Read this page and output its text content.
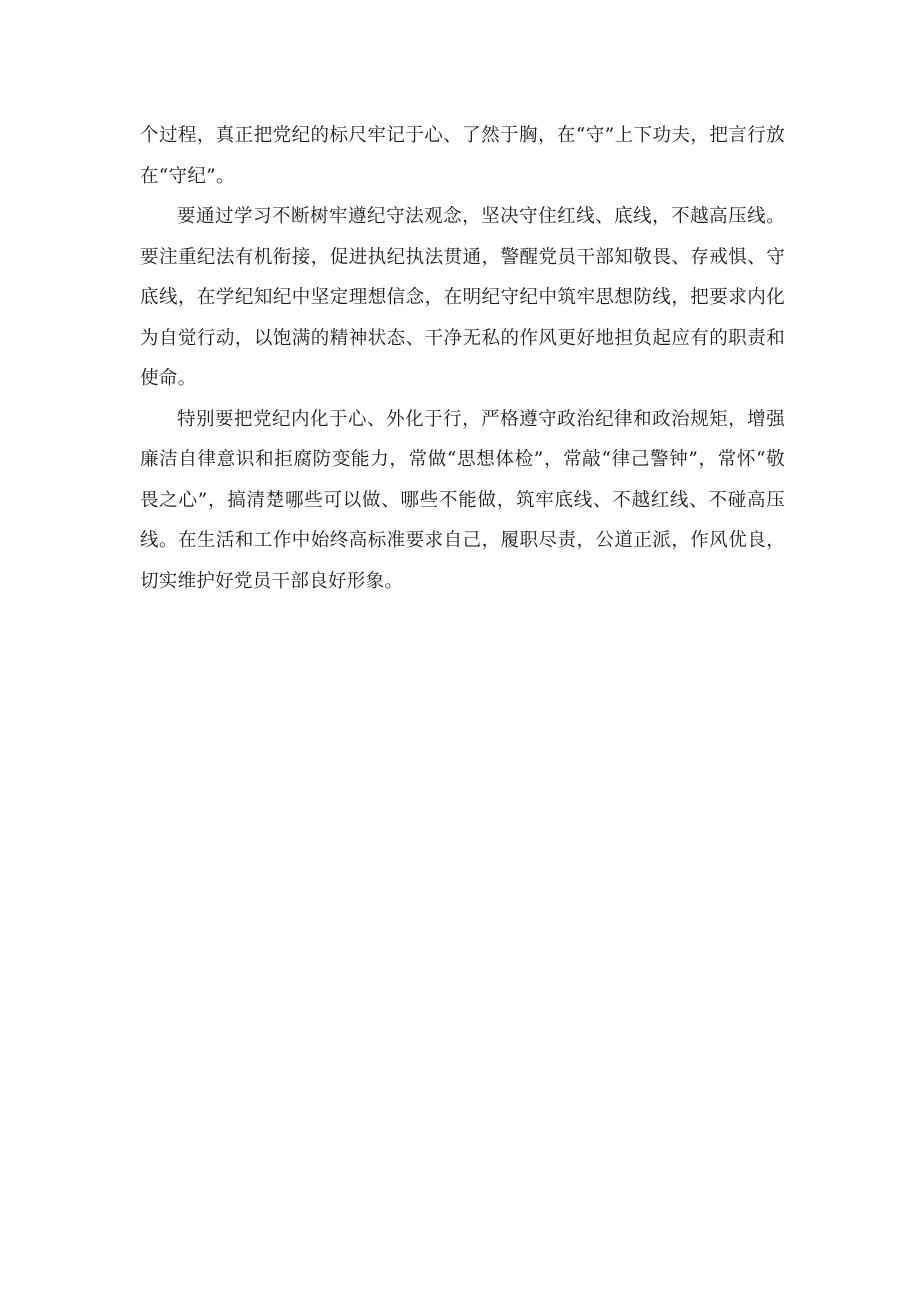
个过程，真正把党纪的标尺牢记于心、了然于胸，在“守”上下功夫，把言行放在“守纪”。

要通过学习不断树牢遵纪守法观念，坚决守住红线、底线，不越高压线。要注重纪法有机衔接，促进执纪执法贯通，警醒党员干部知敬畏、存戒惧、守底线，在学纪知纪中坚定理想信念，在明纪守纪中筑牢思想防线，把要求内化为自觉行动，以饱满的精神状态、干净无私的作风更好地担负起应有的职责和使命。

特别要把党纪内化于心、外化于行，严格遵守政治纪律和政治规矩，增强廉洁自律意识和拒腐防变能力，常做“思想体检”，常敲“律己警钟”，常怀“敬畏之心”，搞清楚哪些可以做、哪些不能做，筑牢底线、不越红线、不碰高压线。在生活和工作中始终高标准要求自己，履职尽责，公道正派，作风优良，切实维护好党员干部良好形象。
